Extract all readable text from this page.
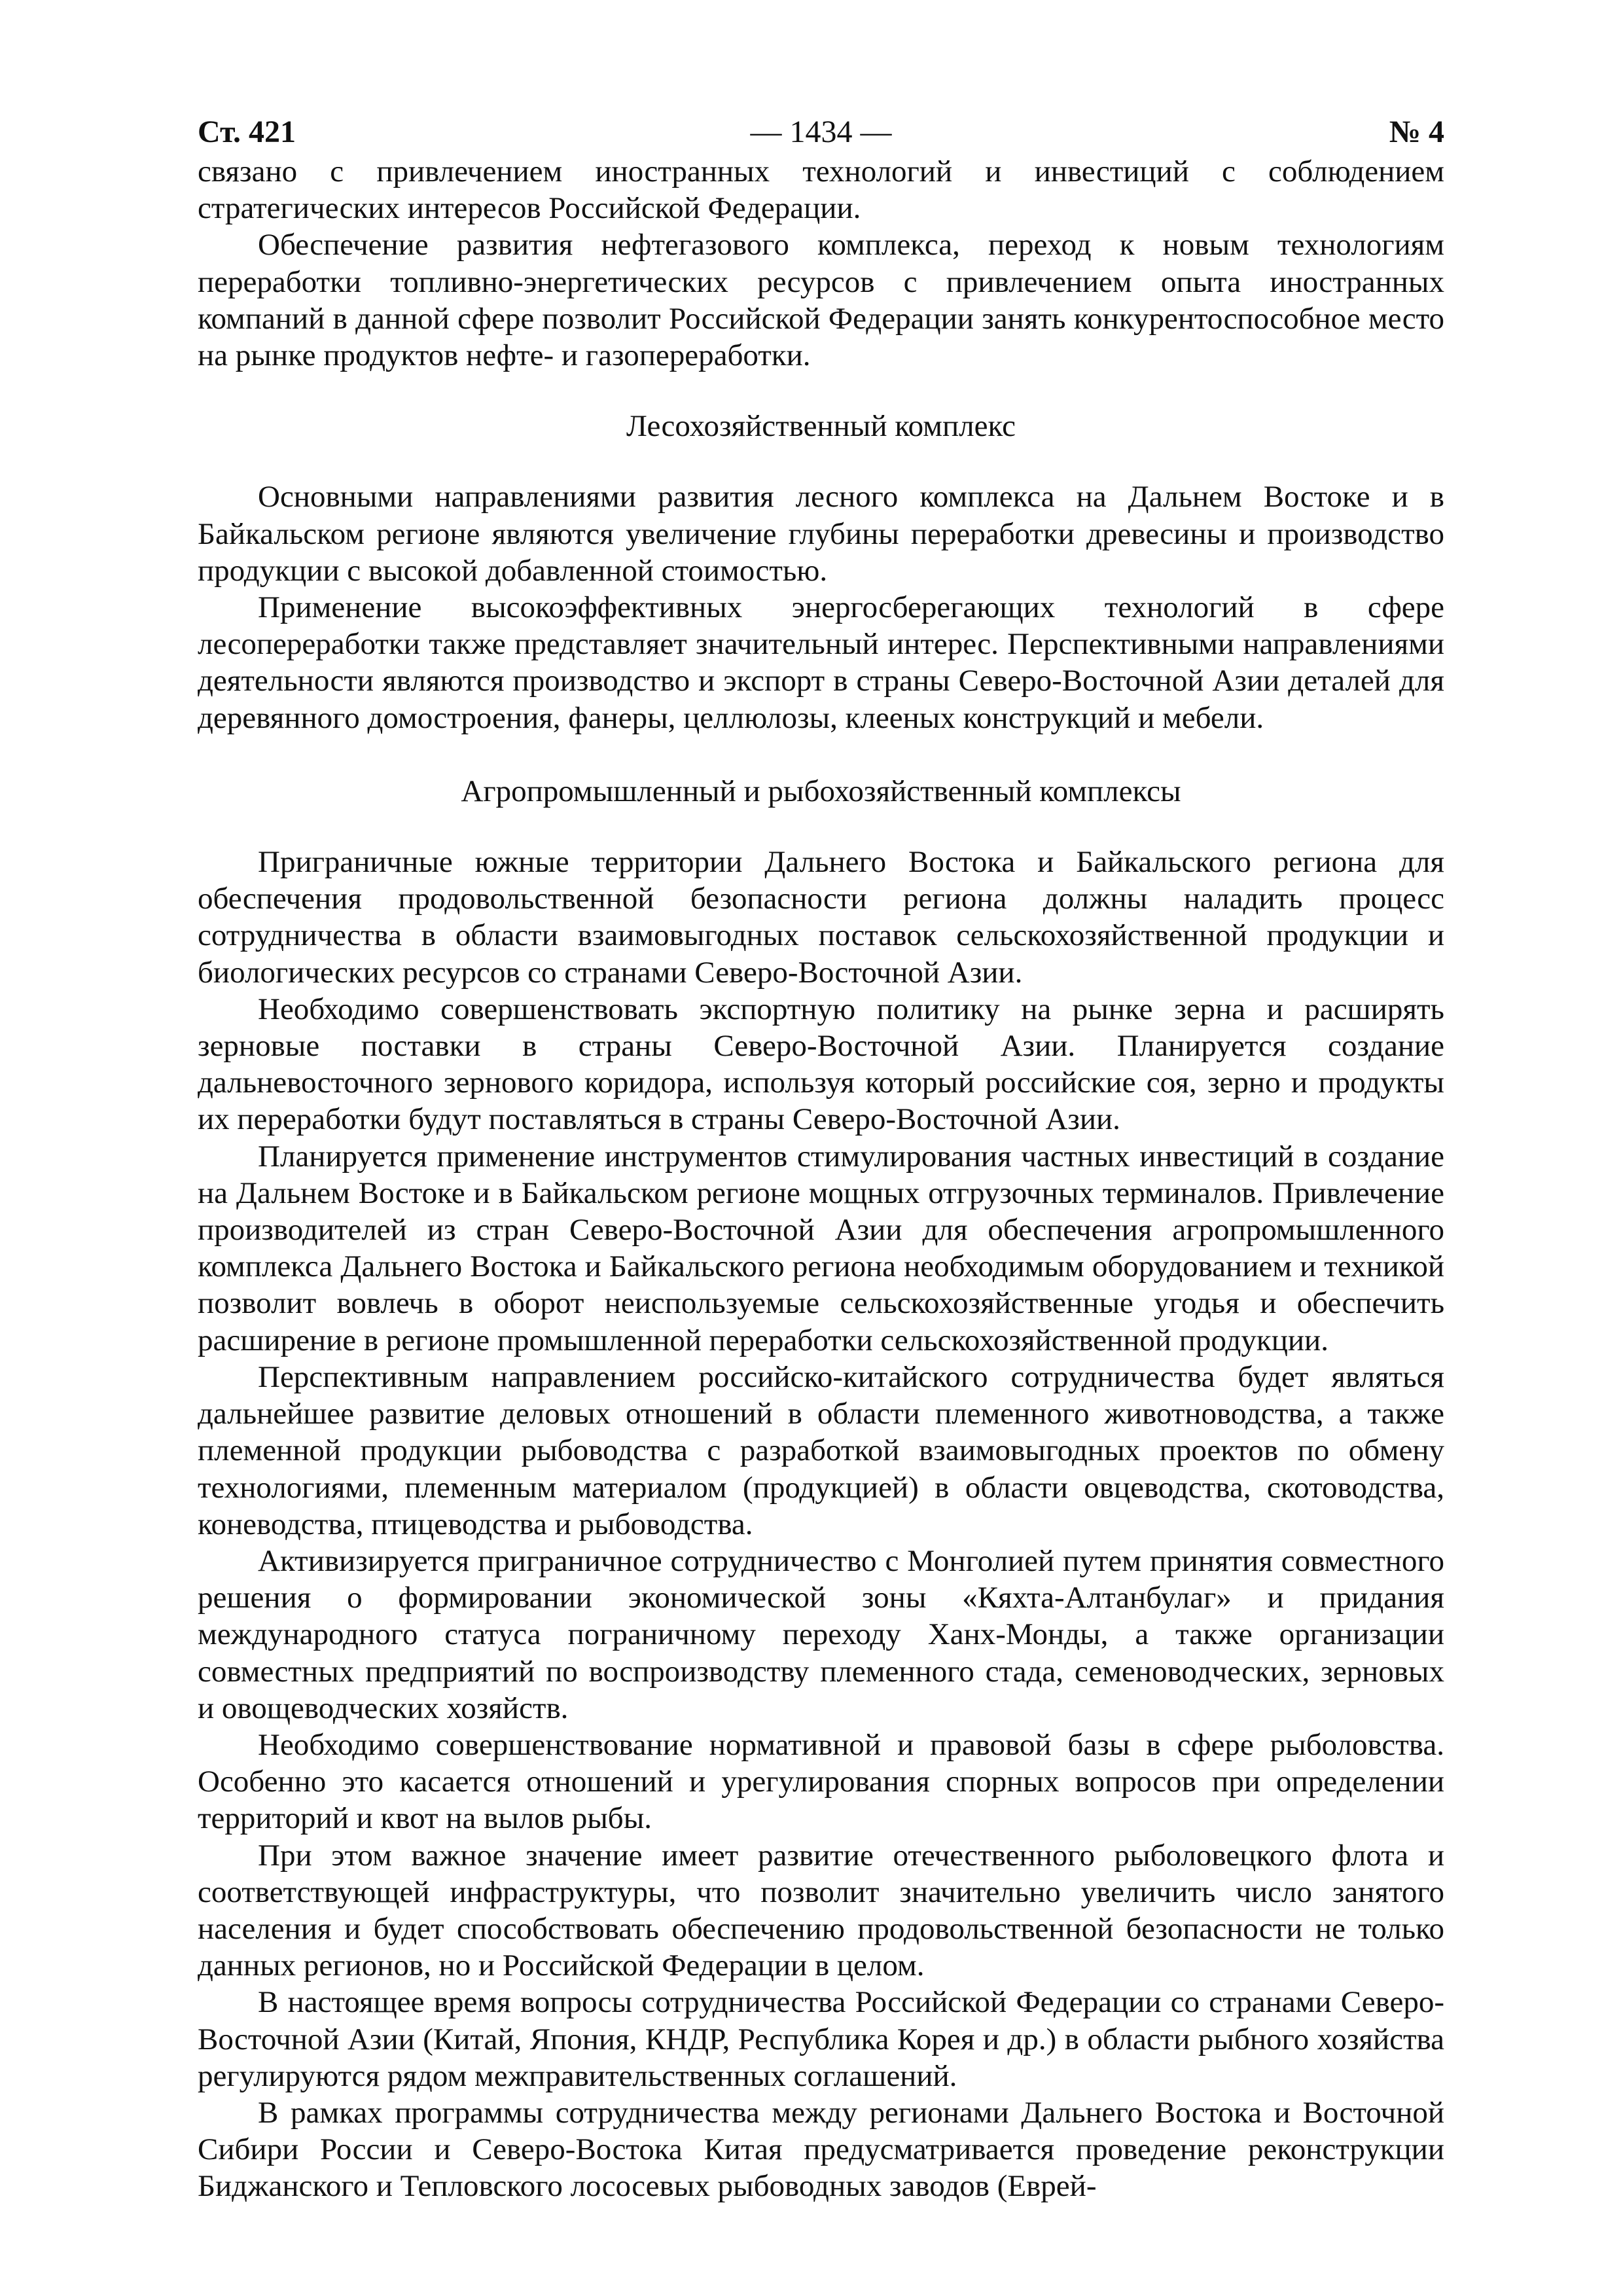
Ст. 421	— 1434 —	№ 4

связано с привлечением иностранных технологий и инвестиций с соблюдением стратегических интересов Российской Федерации.

Обеспечение развития нефтегазового комплекса, переход к новым технологиям переработки топливно-энергетических ресурсов с привлечением опыта иностранных компаний в данной сфере позволит Российской Федерации занять конкурентоспособное место на рынке продуктов нефте- и газопереработки.

Лесохозяйственный комплекс

Основными направлениями развития лесного комплекса на Дальнем Востоке и в Байкальском регионе являются увеличение глубины переработки древесины и производство продукции с высокой добавленной стоимостью.

Применение высокоэффективных энергосберегающих технологий в сфере лесопереработки также представляет значительный интерес. Перспективными направлениями деятельности являются производство и экспорт в страны Северо-Восточной Азии деталей для деревянного домостроения, фанеры, целлюлозы, клееных конструкций и мебели.

Агропромышленный и рыбохозяйственный комплексы

Приграничные южные территории Дальнего Востока и Байкальского региона для обеспечения продовольственной безопасности региона должны наладить процесс сотрудничества в области взаимовыгодных поставок сельскохозяйственной продукции и биологических ресурсов со странами Северо-Восточной Азии.

Необходимо совершенствовать экспортную политику на рынке зерна и расширять зерновые поставки в страны Северо-Восточной Азии. Планируется создание дальневосточного зернового коридора, используя который российские соя, зерно и продукты их переработки будут поставляться в страны Северо-Восточной Азии.

Планируется применение инструментов стимулирования частных инвестиций в создание на Дальнем Востоке и в Байкальском регионе мощных отгрузочных терминалов. Привлечение производителей из стран Северо-Восточной Азии для обеспечения агропромышленного комплекса Дальнего Востока и Байкальского региона необходимым оборудованием и техникой позволит вовлечь в оборот неиспользуемые сельскохозяйственные угодья и обеспечить расширение в регионе промышленной переработки сельскохозяйственной продукции.

Перспективным направлением российско-китайского сотрудничества будет являться дальнейшее развитие деловых отношений в области племенного животноводства, а также племенной продукции рыбоводства с разработкой взаимовыгодных проектов по обмену технологиями, племенным материалом (продукцией) в области овцеводства, скотоводства, коневодства, птицеводства и рыбоводства.

Активизируется приграничное сотрудничество с Монголией путем принятия совместного решения о формировании экономической зоны «Кяхта-Алтанбулаг» и придания международного статуса пограничному переходу Ханх-Монды, а также организации совместных предприятий по воспроизводству племенного стада, семеноводческих, зерновых и овощеводческих хозяйств.

Необходимо совершенствование нормативной и правовой базы в сфере рыболовства. Особенно это касается отношений и урегулирования спорных вопросов при определении территорий и квот на вылов рыбы.

При этом важное значение имеет развитие отечественного рыболовецкого флота и соответствующей инфраструктуры, что позволит значительно увеличить число занятого населения и будет способствовать обеспечению продовольственной безопасности не только данных регионов, но и Российской Федерации в целом.

В настоящее время вопросы сотрудничества Российской Федерации со странами Северо-Восточной Азии (Китай, Япония, КНДР, Республика Корея и др.) в области рыбного хозяйства регулируются рядом межправительственных соглашений.

В рамках программы сотрудничества между регионами Дальнего Востока и Восточной Сибири России и Северо-Востока Китая предусматривается проведение реконструкции Биджанского и Тепловского лососевых рыбоводных заводов (Еврей-
